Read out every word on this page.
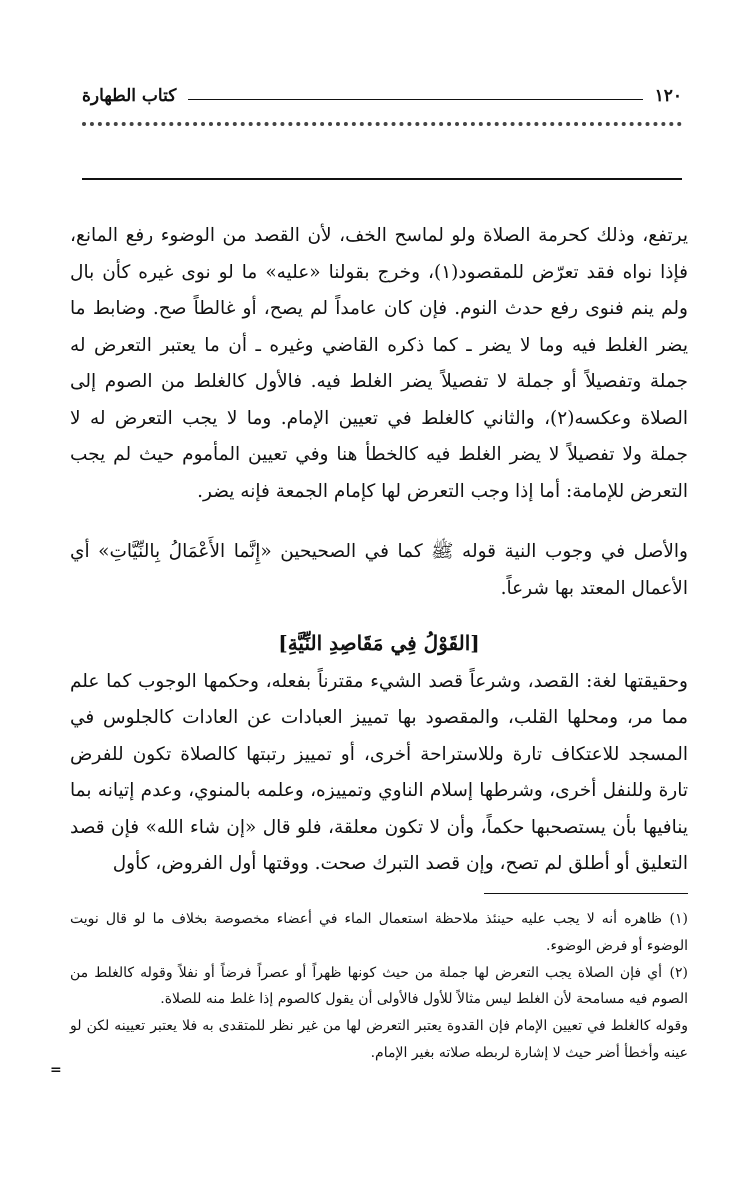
١٢٠
كتاب الطهارة

يرتفع، وذلك كحرمة الصلاة ولو لماسح الخف، لأن القصد من الوضوء رفع المانع، فإذا نواه فقد تعرّض للمقصود(١)، وخرج بقولنا «عليه» ما لو نوى غيره كأن بال ولم ينم فنوى رفع حدث النوم. فإن كان عامداً لم يصح، أو غالطاً صح. وضابط ما يضر الغلط فيه وما لا يضر ـ كما ذكره القاضي وغيره ـ أن ما يعتبر التعرض له جملة وتفصيلاً أو جملة لا تفصيلاً يضر الغلط فيه. فالأول كالغلط من الصوم إلى الصلاة وعكسه(٢)، والثاني كالغلط في تعيين الإمام. وما لا يجب التعرض له لا جملة ولا تفصيلاً لا يضر الغلط فيه كالخطأ هنا وفي تعيين المأموم حيث لم يجب التعرض للإمامة: أما إذا وجب التعرض لها كإمام الجمعة فإنه يضر.

والأصل في وجوب النية قوله ﷺ كما في الصحيحين «إِنَّما الأَعْمَالُ بِالنِّيَّاتِ» أي الأعمال المعتد بها شرعاً.

[القَوْلُ فِي مَقَاصِدِ النِّيَّةِ]

وحقيقتها لغة: القصد، وشرعاً قصد الشيء مقترناً بفعله، وحكمها الوجوب كما علم مما مر، ومحلها القلب، والمقصود بها تمييز العبادات عن العادات كالجلوس في المسجد للاعتكاف تارة وللاستراحة أخرى، أو تمييز رتبتها كالصلاة تكون للفرض تارة وللنفل أخرى، وشرطها إسلام الناوي وتمييزه، وعلمه بالمنوي، وعدم إتيانه بما ينافيها بأن يستصحبها حكماً، وأن لا تكون معلقة، فلو قال «إن شاء الله» فإن قصد التعليق أو أطلق لم تصح، وإن قصد التبرك صحت. ووقتها أول الفروض، كأول

(١)ظاهره أنه لا يجب عليه حينئذ ملاحظة استعمال الماء في أعضاء مخصوصة بخلاف ما لو قال نويت الوضوء أو فرض الوضوء.

(٢)أي فإن الصلاة يجب التعرض لها جملة من حيث كونها ظهراً أو عصراً فرضاً أو نفلاً وقوله كالغلط من الصوم فيه مسامحة لأن الغلط ليس مثالاً للأول فالأولى أن يقول كالصوم إذا غلط منه للصلاة.

وقوله كالغلط في تعيين الإمام فإن القدوة يعتبر التعرض لها من غير نظر للمتقدى به فلا يعتبر تعيينه لكن لو عينه وأخطأ أضر حيث لا إشارة لربطه صلاته بغير الإمام.

=
